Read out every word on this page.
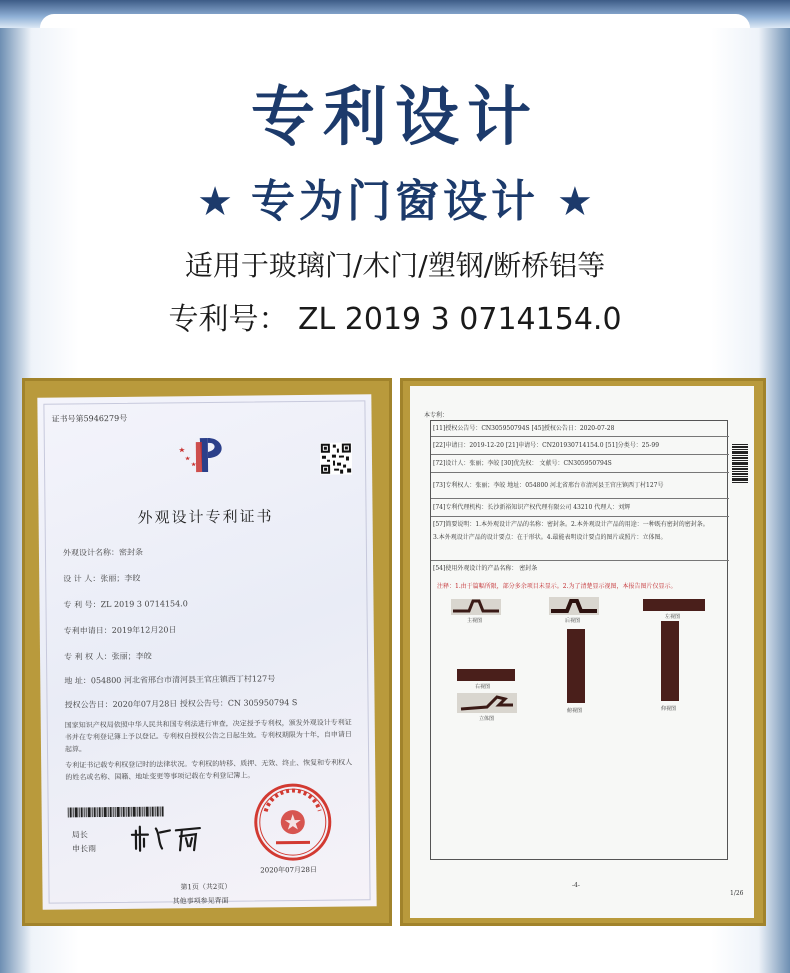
专利设计
★ 专为门窗设计 ★
适用于玻璃门/木门/塑钢/断桥铝等
专利号： ZL 2019 3 0714154.0
证书号第5946279号
外观设计专利证书
外观设计名称：密封条
设 计 人：张丽；李皎
专 利 号：ZL 2019 3 0714154.0
专利申请日：2019年12月20日
专 利 权 人：张丽；李皎
地 址：054800 河北省邢台市清河县王官庄镇西丁村127号
授权公告日：2020年07月28日 授权公告号：CN 305950794 S
国家知识产权局依照中华人民共和国专利法进行审查，决定授予专利权，颁发外观设计专利证书并在专利登记簿上予以登记。专利权自授权公告之日起生效。专利权期限为十年，自申请日起算。
专利证书记载专利权登记时的法律状况。专利权的转移、质押、无效、终止、恢复和专利权人的姓名或名称、国籍、地址变更等事项记载在专利登记簿上。
局长
申长雨
2020年07月28日
第1页（共2页）
其他事项参见背面
本专利：
[11]授权公告号：CN305950794S [45]授权公告日：2020-07-28
[22]申请日：2019-12-20 [21]申请号：CN201930714154.0 [51]分类号：25-99
[72]设计人：张丽；李皎 [30]优先权： 文献号：CN305950794S
[73]专利权人：张丽；李皎 地址：054800 河北省邢台市清河县王官庄镇西丁村127号
[74]专利代理机构：长沙新裕知识产权代理有限公司 43210 代理人：刘辉
[57]简要说明：1.本外观设计产品的名称：密封条。2.本外观设计产品的用途：一种既有密封的密封条。
3.本外观设计产品的设计要点：在于形状。4.最能表明设计要点的图片或照片：立体图。
[54]使用外观设计的产品名称： 密封条
注释：1.由于篇幅所限，部分多余项目未显示。2.为了清楚显示视图，本报告图片仅显示。
主视图	后视图
左视图
右视图
俯视图	仰视图
立体图
-4-
1/26
